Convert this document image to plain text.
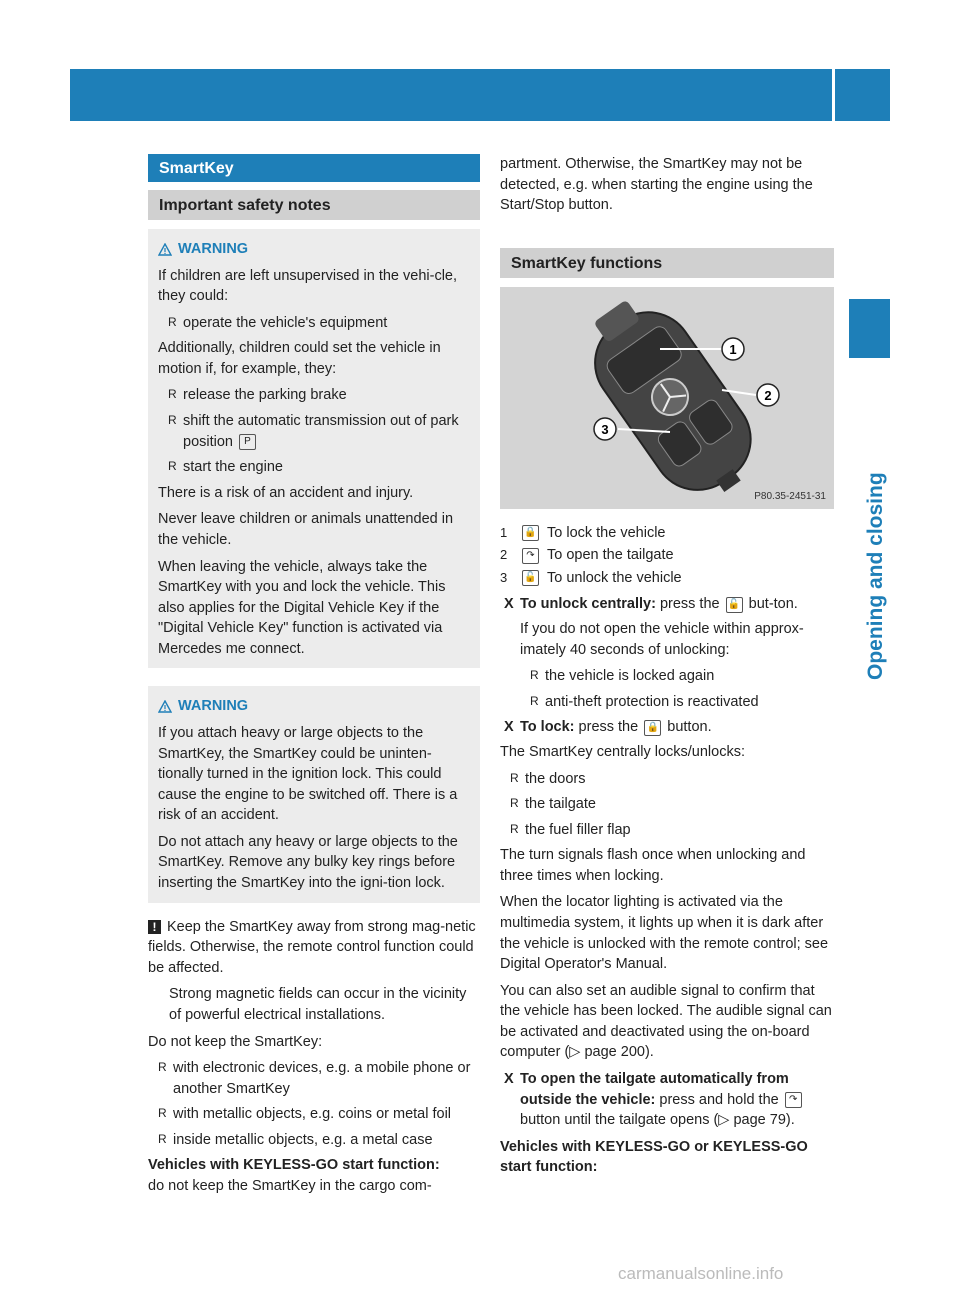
SmartKey
69
Opening and closing
SmartKey
Important safety notes
WARNING

If children are left unsupervised in the vehi-cle, they could:

R operate the vehicle's equipment

Additionally, children could set the vehicle in motion if, for example, they:

R release the parking brake
R shift the automatic transmission out of park position P
R start the engine

There is a risk of an accident and injury.

Never leave children or animals unattended in the vehicle.

When leaving the vehicle, always take the SmartKey with you and lock the vehicle. This also applies for the Digital Vehicle Key if the "Digital Vehicle Key" function is activated via Mercedes me connect.

WARNING

If you attach heavy or large objects to the SmartKey, the SmartKey could be uninten-tionally turned in the ignition lock. This could cause the engine to be switched off. There is a risk of an accident.

Do not attach any heavy or large objects to the SmartKey. Remove any bulky key rings before inserting the SmartKey into the igni-tion lock.

! Keep the SmartKey away from strong mag-netic fields. Otherwise, the remote control function could be affected.

Strong magnetic fields can occur in the vicinity of powerful electrical installations.

Do not keep the SmartKey:

R with electronic devices, e.g. a mobile phone or another SmartKey
R with metallic objects, e.g. coins or metal foil
R inside metallic objects, e.g. a metal case
Vehicles with KEYLESS-GO start function:
do not keep the SmartKey in the cargo com-

partment. Otherwise, the SmartKey may not be detected, e.g. when starting the engine using the Start/Stop button.

SmartKey functions
1
2
3
P80.35-2451-31
1	🔒 To lock the vehicle
2	↷ To open the tailgate
3	🔓 To unlock the vehicle
X To unlock centrally: press the 🔓 but-ton.

If you do not open the vehicle within approx-imately 40 seconds of unlocking:

R the vehicle is locked again
R anti-theft protection is reactivated
X To lock: press the 🔒 button.

The SmartKey centrally locks/unlocks:

R the doors
R the tailgate
R the fuel filler flap

The turn signals flash once when unlocking and three times when locking.

When the locator lighting is activated via the multimedia system, it lights up when it is dark after the vehicle is unlocked with the remote control; see Digital Operator's Manual.

You can also set an audible signal to confirm that the vehicle has been locked. The audible signal can be activated and deactivated using the on-board computer (▷ page 200).

X To open the tailgate automatically from outside the vehicle: press and hold the ↷ button until the tailgate opens (▷ page 79).
Vehicles with KEYLESS-GO or KEYLESS-GO start function:
carmanualsonline.info
